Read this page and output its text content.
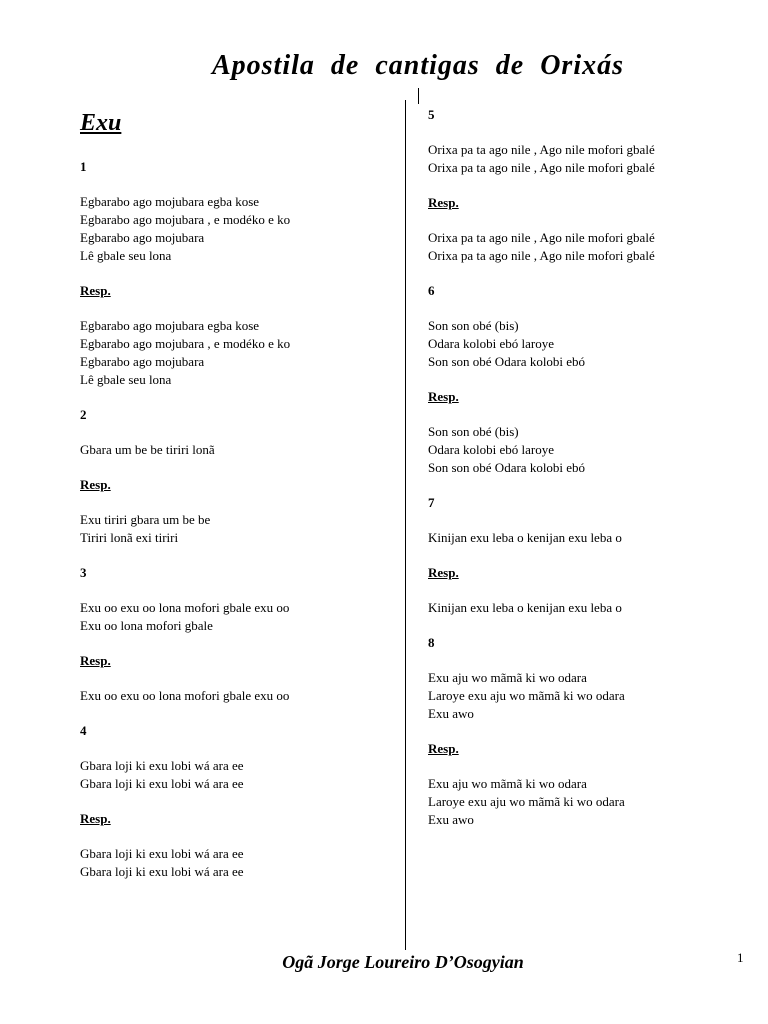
Apostila de cantigas de Orixás
Exu
1
Egbarabo ago mojubara egba kose
Egbarabo ago mojubara , e modéko e ko
Egbarabo ago mojubara
Lê gbale seu lona
Resp.
Egbarabo ago mojubara egba kose
Egbarabo ago mojubara , e modéko e ko
Egbarabo ago mojubara
Lê gbale seu lona
2
Gbara um be be tiriri lonã
Resp.
Exu tiriri gbara um be be
Tiriri lonã exi tiriri
3
Exu oo exu oo lona mofori gbale exu oo
Exu oo lona mofori gbale
Resp.
Exu oo exu oo lona mofori gbale exu oo
4
Gbara loji ki exu lobi wá ara ee
Gbara loji ki exu lobi wá ara ee
Resp.
Gbara loji ki exu lobi wá ara ee
Gbara loji ki exu lobi wá ara ee
5
Orixa pa ta ago nile , Ago nile mofori gbalé
Orixa pa ta ago nile , Ago nile mofori gbalé
Resp.
Orixa pa ta ago nile , Ago nile mofori gbalé
Orixa pa ta ago nile , Ago nile mofori gbalé
6
Son son obé (bis)
Odara kolobi ebó laroye
Son son obé Odara kolobi ebó
Resp.
Son son obé (bis)
Odara kolobi ebó laroye
Son son obé Odara kolobi ebó
7
Kinijan exu leba o kenijan exu leba o
Resp.
Kinijan exu leba o kenijan exu leba o
8
Exu aju wo mãmã ki wo odara
Laroye exu aju wo mãmã ki wo odara
Exu awo
Resp.
Exu aju wo mãmã ki wo odara
Laroye exu aju wo mãmã ki wo odara
Exu awo
Ogã Jorge Loureiro D’Osogyian	1
